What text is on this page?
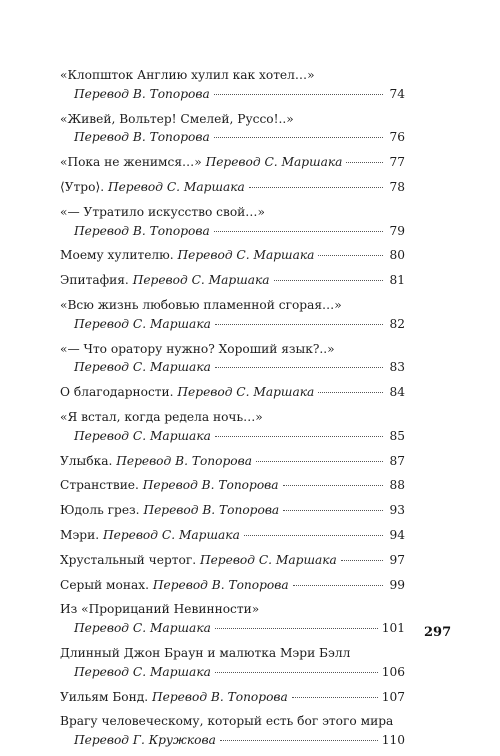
«Клопшток Англию хулил как хотел…»
Перевод В. Топорова	74
«Живей, Вольтер! Смелей, Руссо!..»
Перевод В. Топорова	76
«Пока не женимся…»
Перевод С. Маршака	77
⟨Утро⟩.
Перевод С. Маршака	78
«— Утратило искусство свой…»
Перевод В. Топорова	79
Моему хулителю.
Перевод С. Маршака	80
Эпитафия.
Перевод С. Маршака	81
«Всю жизнь любовью пламенной сгорая…»
Перевод С. Маршака	82
«— Что оратору нужно? Хороший язык?..»
Перевод С. Маршака	83
О благодарности.
Перевод С. Маршака	84
«Я встал, когда редела ночь…»
Перевод С. Маршака	85
Улыбка.
Перевод В. Топорова	87
Странствие.
Перевод В. Топорова	88
Юдоль грез.
Перевод В. Топорова	93
Мэри.
Перевод С. Маршака	94
Хрустальный чертог.
Перевод С. Маршака	97
Серый монах.
Перевод В. Топорова	99
Из «Прорицаний Невинности»
Перевод С. Маршака	101
Длинный Джон Браун и малютка Мэри Бэлл
Перевод С. Маршака	106
Уильям Бонд.
Перевод В. Топорова	107
Врагу человеческому, который есть бог этого мира
Перевод Г. Кружкова	110
297
